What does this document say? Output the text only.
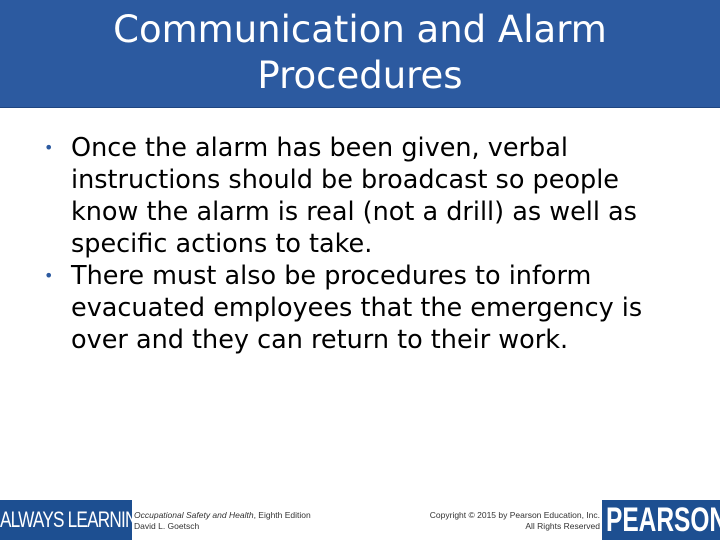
Communication and Alarm
Procedures
• Once the alarm has been given, verbal instructions should be broadcast so people know the alarm is real (not a drill) as well as specific actions to take.
• There must also be procedures to inform evacuated employees that the emergency is over and they can return to their work.
ALWAYS LEARNING
Occupational Safety and Health, Eighth Edition
David L. Goetsch
Copyright © 2015 by Pearson Education, Inc.
All Rights Reserved PEARSON
